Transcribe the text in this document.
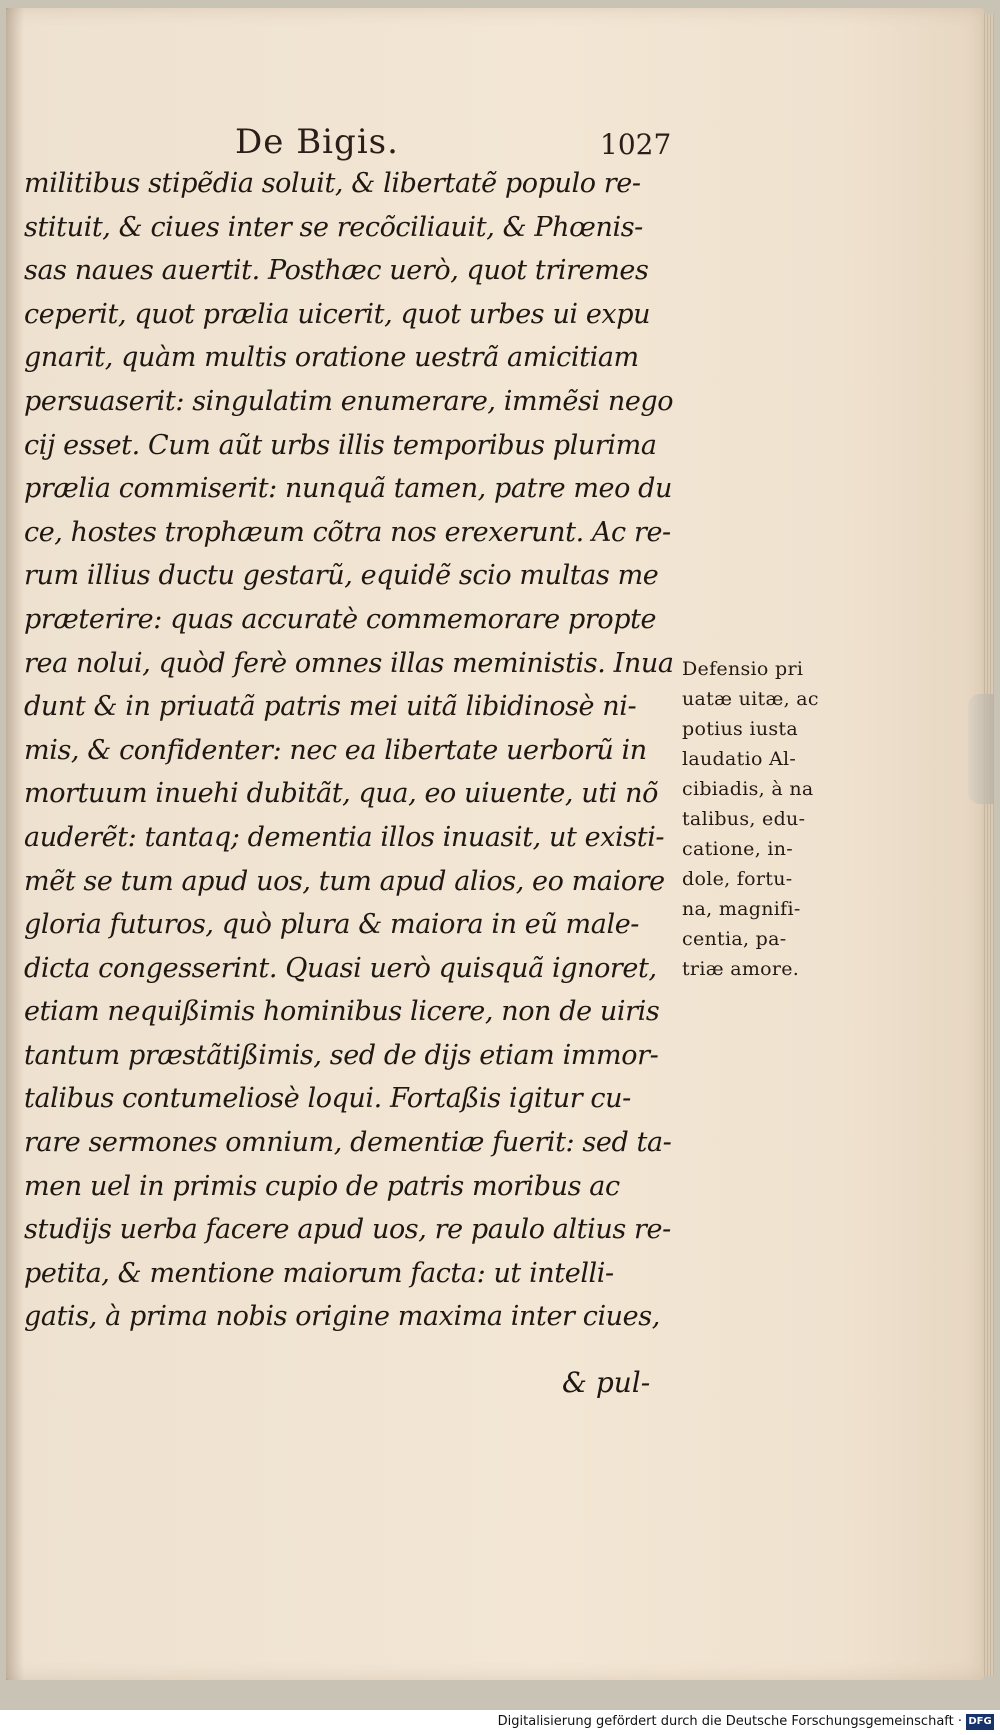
De Bigis.	1027
militibus stipẽdia soluit, & libertatẽ populo re-
stituit, & ciues inter se recõciliauit, & Phœnis-
sas naues auertit. Posthæc uerò, quot triremes
ceperit, quot prælia uicerit, quot urbes ui expu
gnarit, quàm multis oratione uestrã amicitiam
persuaserit: singulatim enumerare, immẽsi nego
cij esset. Cum aũt urbs illis temporibus plurima
prælia commiserit: nunquã tamen, patre meo du
ce, hostes trophæum cõtra nos erexerunt. Ac re-
rum illius ductu gestarũ, equidẽ scio multas me
præterire: quas accuratè commemorare propte
rea nolui, quòd ferè omnes illas meministis. Inua
dunt & in priuatã patris mei uitã libidinosè ni-
mis, & confidenter: nec ea libertate uerborũ in
mortuum inuehi dubitãt, qua, eo uiuente, uti nõ
auderẽt: tantaq; dementia illos inuasit, ut existi-
mẽt se tum apud uos, tum apud alios, eo maiore
gloria futuros, quò plura & maiora in eũ male-
dicta congesserint. Quasi uerò quisquã ignoret,
etiam nequißimis hominibus licere, non de uiris
tantum præstãtißimis, sed de dijs etiam immor-
talibus contumeliosè loqui. Fortaßis igitur cu-
rare sermones omnium, dementiæ fuerit: sed ta-
men uel in primis cupio de patris moribus ac
studijs uerba facere apud uos, re paulo altius re-
petita, & mentione maiorum facta: ut intelli-
gatis, à prima nobis origine maxima inter ciues,
Defensio pri
uatæ uitæ, ac
potius iusta
laudatio Al-
cibiadis, à na
talibus, edu-
catione, in-
dole, fortu-
na, magnifi-
centia, pa-
triæ amore.
& pul-
Digitalisierung gefördert durch die Deutsche Forschungsgemeinschaft · DFG
